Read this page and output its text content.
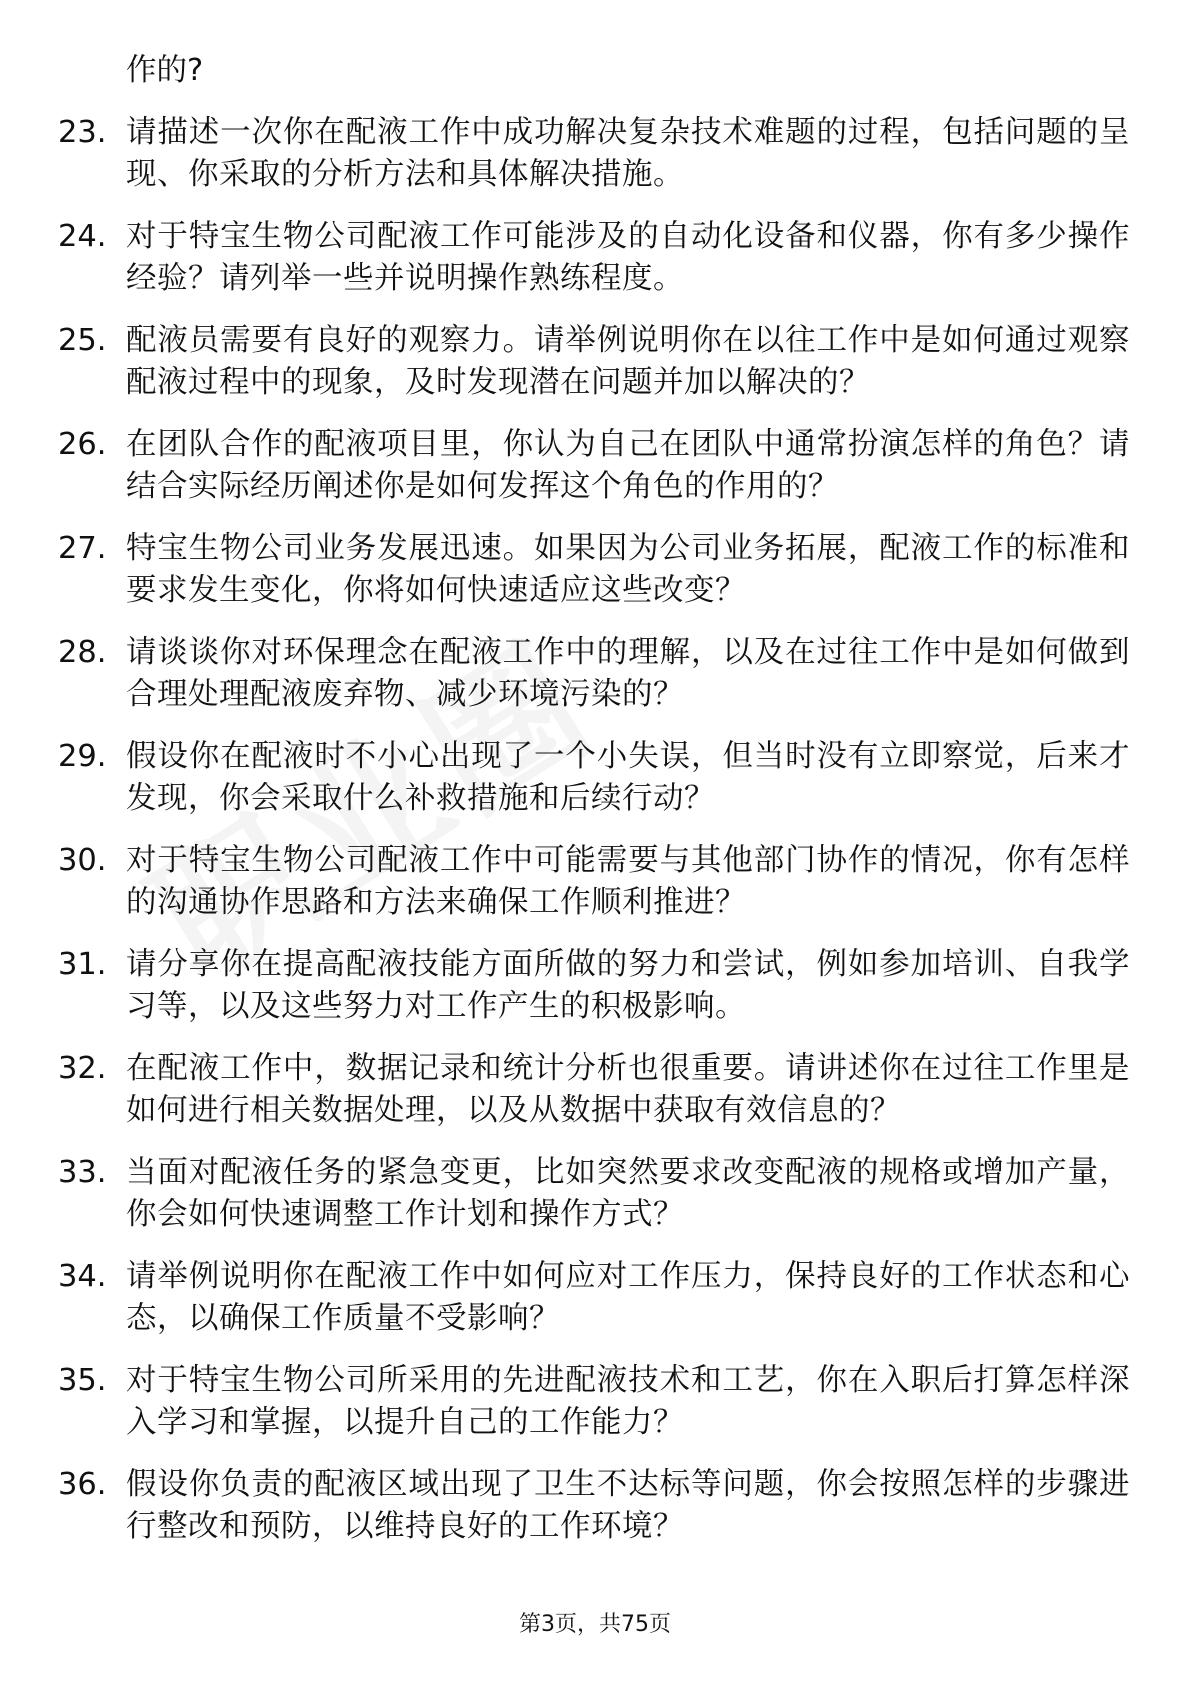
作的?
23. 请描述一次你在配液工作中成功解决复杂技术难题的过程，包括问题的呈现、你采取的分析方法和具体解决措施。
24. 对于特宝生物公司配液工作可能涉及的自动化设备和仪器，你有多少操作经验？请列举一些并说明操作熟练程度。
25. 配液员需要有良好的观察力。请举例说明你在以往工作中是如何通过观察配液过程中的现象，及时发现潜在问题并加以解决的？
26. 在团队合作的配液项目里，你认为自己在团队中通常扮演怎样的角色？请结合实际经历阐述你是如何发挥这个角色的作用的？
27. 特宝生物公司业务发展迅速。如果因为公司业务拓展，配液工作的标准和要求发生变化，你将如何快速适应这些改变？
28. 请谈谈你对环保理念在配液工作中的理解，以及在过往工作中是如何做到合理处理配液废弃物、减少环境污染的？
29. 假设你在配液时不小心出现了一个小失误，但当时没有立即察觉，后来才发现，你会采取什么补救措施和后续行动？
30. 对于特宝生物公司配液工作中可能需要与其他部门协作的情况，你有怎样的沟通协作思路和方法来确保工作顺利推进？
31. 请分享你在提高配液技能方面所做的努力和尝试，例如参加培训、自我学习等，以及这些努力对工作产生的积极影响。
32. 在配液工作中，数据记录和统计分析也很重要。请讲述你在过往工作里是如何进行相关数据处理，以及从数据中获取有效信息的？
33. 当面对配液任务的紧急变更，比如突然要求改变配液的规格或增加产量，你会如何快速调整工作计划和操作方式？
34. 请举例说明你在配液工作中如何应对工作压力，保持良好的工作状态和心态，以确保工作质量不受影响？
35. 对于特宝生物公司所采用的先进配液技术和工艺，你在入职后打算怎样深入学习和掌握，以提升自己的工作能力？
36. 假设你负责的配液区域出现了卫生不达标等问题，你会按照怎样的步骤进行整改和预防，以维持良好的工作环境？
第3页，共75页
